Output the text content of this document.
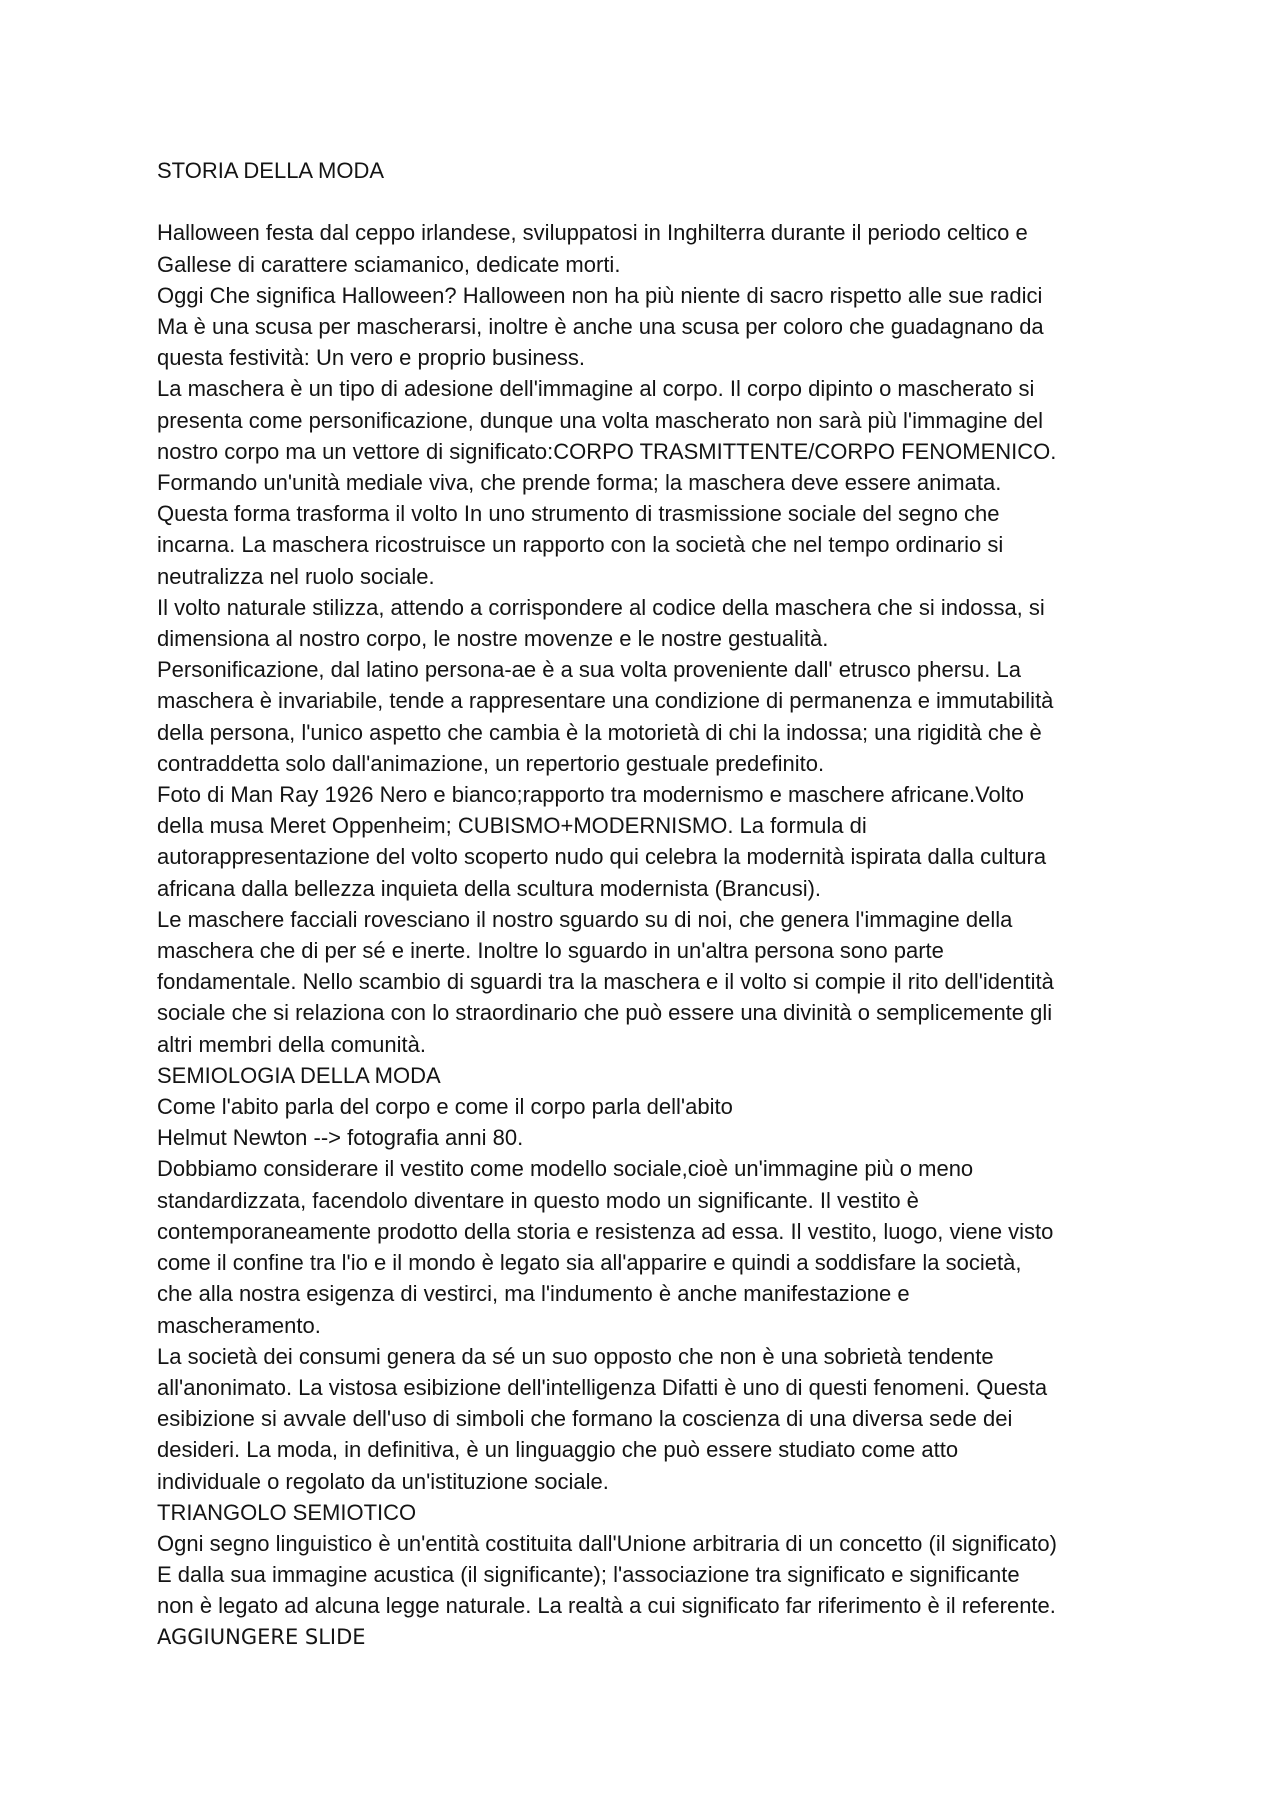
STORIA DELLA MODA
Halloween festa dal ceppo irlandese, sviluppatosi in Inghilterra durante il periodo celtico e
Gallese di carattere sciamanico, dedicate morti.
Oggi Che significa Halloween? Halloween non ha più niente di sacro rispetto alle sue radici
Ma è una scusa per mascherarsi, inoltre è anche una scusa per coloro che guadagnano da
questa festività: Un vero e proprio business.
La maschera è un tipo di adesione dell'immagine al corpo. Il corpo dipinto o mascherato si
presenta come personificazione, dunque una volta mascherato non sarà più l'immagine del
nostro corpo ma un vettore di significato:CORPO TRASMITTENTE/CORPO FENOMENICO.
Formando un'unità mediale viva, che prende forma; la maschera deve essere animata.
Questa forma trasforma il volto In uno strumento di trasmissione sociale del segno che
incarna. La maschera ricostruisce un rapporto con la società che nel tempo ordinario si
neutralizza nel ruolo sociale.
Il volto naturale stilizza, attendo a corrispondere al codice della maschera che si indossa, si
dimensiona al nostro corpo, le nostre movenze e le nostre gestualità.
Personificazione, dal latino persona-ae è a sua volta proveniente dall' etrusco phersu. La
maschera è invariabile, tende a rappresentare una condizione di permanenza e immutabilità
della persona, l'unico aspetto che cambia è la motorietà di chi la indossa; una rigidità che è
contraddetta solo dall'animazione, un repertorio gestuale predefinito.
Foto di Man Ray 1926 Nero e bianco;rapporto tra modernismo e maschere africane.Volto
della musa Meret Oppenheim; CUBISMO+MODERNISMO. La formula di
autorappresentazione del volto scoperto nudo qui celebra la modernità ispirata dalla cultura
africana dalla bellezza inquieta della scultura modernista (Brancusi).
Le maschere facciali rovesciano il nostro sguardo su di noi, che genera l'immagine della
maschera che di per sé e inerte. Inoltre lo sguardo in un'altra persona sono parte
fondamentale. Nello scambio di sguardi tra la maschera e il volto si compie il rito dell'identità
sociale che si relaziona con lo straordinario che può essere una divinità o semplicemente gli
altri membri della comunità.
SEMIOLOGIA DELLA MODA
Come l'abito parla del corpo e come il corpo parla dell'abito
Helmut Newton --> fotografia anni 80.
Dobbiamo considerare il vestito come modello sociale,cioè un'immagine più o meno
standardizzata, facendolo diventare in questo modo un significante. Il vestito è
contemporaneamente prodotto della storia e resistenza ad essa. Il vestito, luogo, viene visto
come il confine tra l'io e il mondo è legato sia all'apparire e quindi a soddisfare la società,
che alla nostra esigenza di vestirci, ma l'indumento è anche manifestazione e
mascheramento.
La società dei consumi genera da sé un suo opposto che non è una sobrietà tendente
all'anonimato. La vistosa esibizione dell'intelligenza Difatti è uno di questi fenomeni. Questa
esibizione si avvale dell'uso di simboli che formano la coscienza di una diversa sede dei
desideri. La moda, in definitiva, è un linguaggio che può essere studiato come atto
individuale o regolato da un'istituzione sociale.
TRIANGOLO SEMIOTICO
Ogni segno linguistico è un'entità costituita dall'Unione arbitraria di un concetto (il significato)
E dalla sua immagine acustica (il significante); l'associazione tra significato e significante
non è legato ad alcuna legge naturale. La realtà a cui significato far riferimento è il referente.
AGGIUNGERE SLIDE
